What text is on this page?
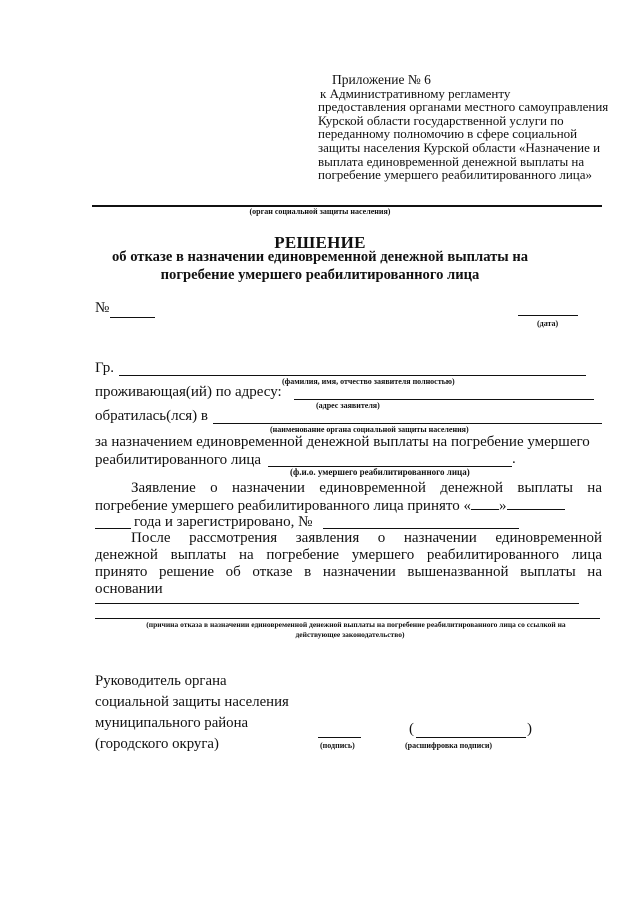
Приложение № 6
к Административному регламенту
предоставления органами местного самоуправления
Курской области государственной услуги по
переданному полномочию в сфере социальной
защиты населения Курской области «Назначение и
выплата единовременной денежной выплаты на
погребение умершего реабилитированного лица»
(орган социальной защиты населения)
РЕШЕНИЕ
об отказе в назначении единовременной денежной выплаты на
погребение умершего реабилитированного лица
№
(дата)
Гр.
(фамилия, имя, отчество заявителя полностью)
проживающая(ий) по адресу:
(адрес заявителя)
обратилась(лся) в
(наименование органа социальной защиты населения)
за назначением единовременной денежной выплаты на погребение умершего
реабилитированного лица	.
(ф.и.о. умершего реабилитированного лица)
Заявление о назначении единовременной денежной выплаты на
погребение умершего реабилитированного лица принято « »
года и зарегистрировано, №
После рассмотрения заявления о назначении единовременной
денежной выплаты на погребение умершего реабилитированного лица
принято решение об отказе в назначении вышеназванной выплаты на
основании
(причина отказа в назначении единовременной денежной выплаты на погребение реабилитированного лица со ссылкой на
действующее законодательство)
Руководитель органа
социальной защиты населения
муниципального района
(городского округа)	(подпись)
(	)
(расшифровка подписи)
